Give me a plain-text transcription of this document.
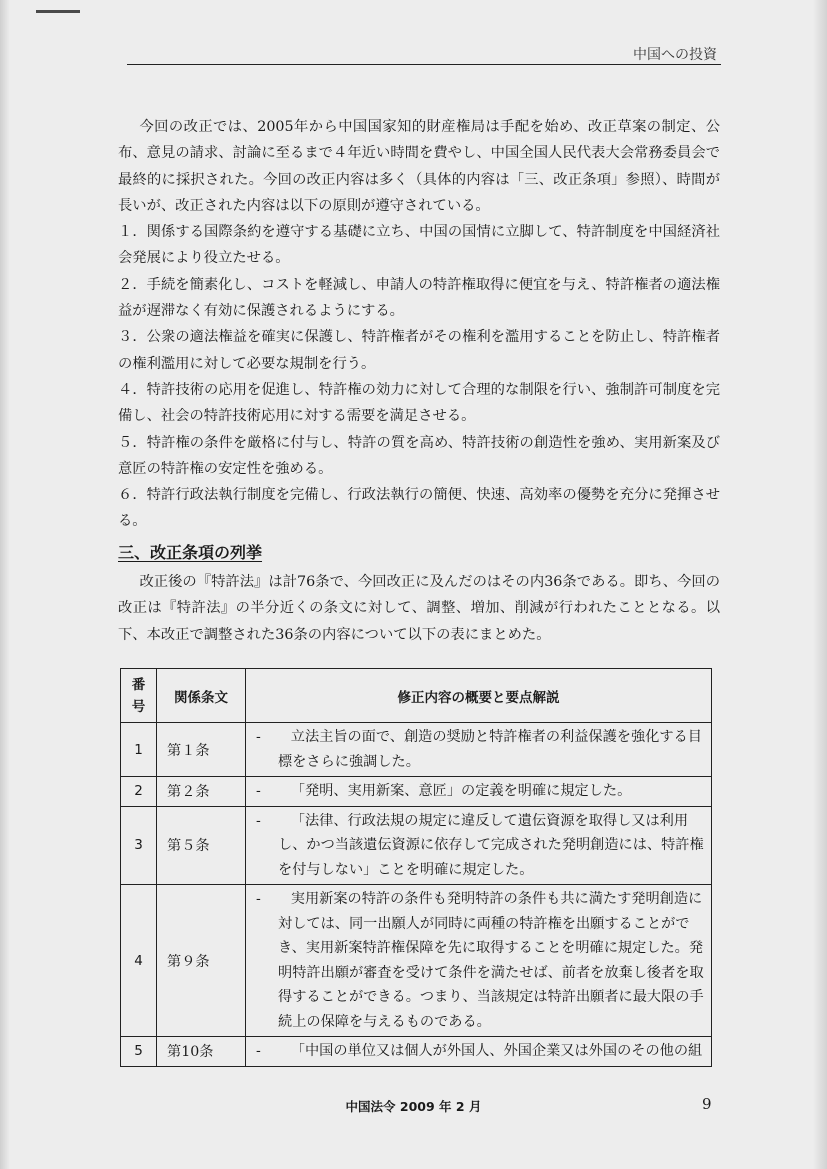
中国への投資

今回の改正では、2005年から中国国家知的財産権局は手配を始め、改正草案の制定、公布、意見の請求、討論に至るまで４年近い時間を費やし、中国全国人民代表大会常務委員会で最終的に採択された。今回の改正内容は多く（具体的内容は「三、改正条項」参照）、時間が長いが、改正された内容は以下の原則が遵守されている。

１．関係する国際条約を遵守する基礎に立ち、中国の国情に立脚して、特許制度を中国経済社会発展により役立たせる。

２．手続を簡素化し、コストを軽減し、申請人の特許権取得に便宜を与え、特許権者の適法権益が遅滞なく有効に保護されるようにする。

３．公衆の適法権益を確実に保護し、特許権者がその権利を濫用することを防止し、特許権者の権利濫用に対して必要な規制を行う。

４．特許技術の応用を促進し、特許権の効力に対して合理的な制限を行い、強制許可制度を完備し、社会の特許技術応用に対する需要を満足させる。

５．特許権の条件を厳格に付与し、特許の質を高め、特許技術の創造性を強め、実用新案及び意匠の特許権の安定性を強める。

６．特許行政法執行制度を完備し、行政法執行の簡便、快速、高効率の優勢を充分に発揮させる。

三、改正条項の列挙

改正後の『特許法』は計76条で、今回改正に及んだのはその内36条である。即ち、今回の改正は『特許法』の半分近くの条文に対して、調整、増加、削減が行われたこととなる。以下、本改正で調整された36条の内容について以下の表にまとめた。

番号	関係条文	修正内容の概要と要点解説
1	第１条	- 立法主旨の面で、創造の奨励と特許権者の利益保護を強化する目標をさらに強調した。

2	第２条	- 「発明、実用新案、意匠」の定義を明確に規定した。

3	第５条	- 「法律、行政法規の規定に違反して遺伝資源を取得し又は利用し、かつ当該遺伝資源に依存して完成された発明創造には、特許権を付与しない」ことを明確に規定した。

4	第９条	- 実用新案の特許の条件も発明特許の条件も共に満たす発明創造に対しては、同一出願人が同時に両種の特許権を出願することができ、実用新案特許権保障を先に取得することを明確に規定した。発明特許出願が審査を受けて条件を満たせば、前者を放棄し後者を取得することができる。つまり、当該規定は特許出願者に最大限の手続上の保障を与えるものである。

5	第10条	- 「中国の単位又は個人が外国人、外国企業又は外国のその他の組
中国法令 2009 年 2 月	9
